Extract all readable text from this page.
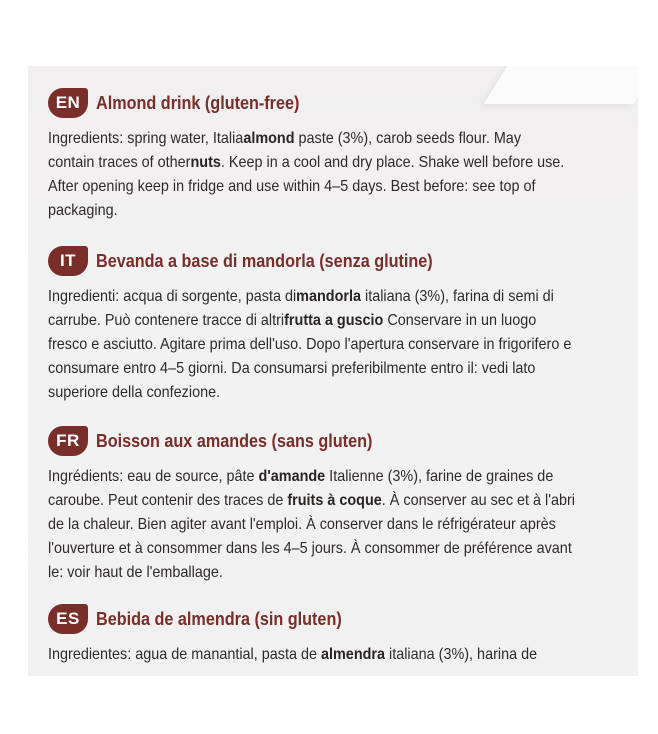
EN Almond drink (gluten-free)
Ingredients: spring water, Italiaalmond paste (3%), carob seeds flour. May
contain traces of othernuts. Keep in a cool and dry place. Shake well before use.
After opening keep in fridge and use within 4–5 days. Best before: see top of
packaging.
IT	Bevanda a base di mandorla (senza glutine)
Ingredienti: acqua di sorgente, pasta dimandorla italiana (3%), farina di semi di
carrube. Può contenere tracce di altrifrutta a guscio Conservare in un luogo
fresco e asciutto. Agitare prima dell'uso. Dopo l'apertura conservare in frigorifero e
consumare entro 4–5 giorni. Da consumarsi preferibilmente entro il: vedi lato
superiore della confezione.
FR Boisson aux amandes (sans gluten)
Ingrédients: eau de source, pâte d'amande Italienne (3%), farine de graines de
caroube. Peut contenir des traces de fruits à coque. À conserver au sec et à l'abri
de la chaleur. Bien agiter avant l'emploi. À conserver dans le réfrigérateur après
l'ouverture et à consommer dans les 4–5 jours. À consommer de préférence avant
le: voir haut de l'emballage.
ES Bebida de almendra (sin gluten)
Ingredientes: agua de manantial, pasta de almendra italiana (3%), harina de
